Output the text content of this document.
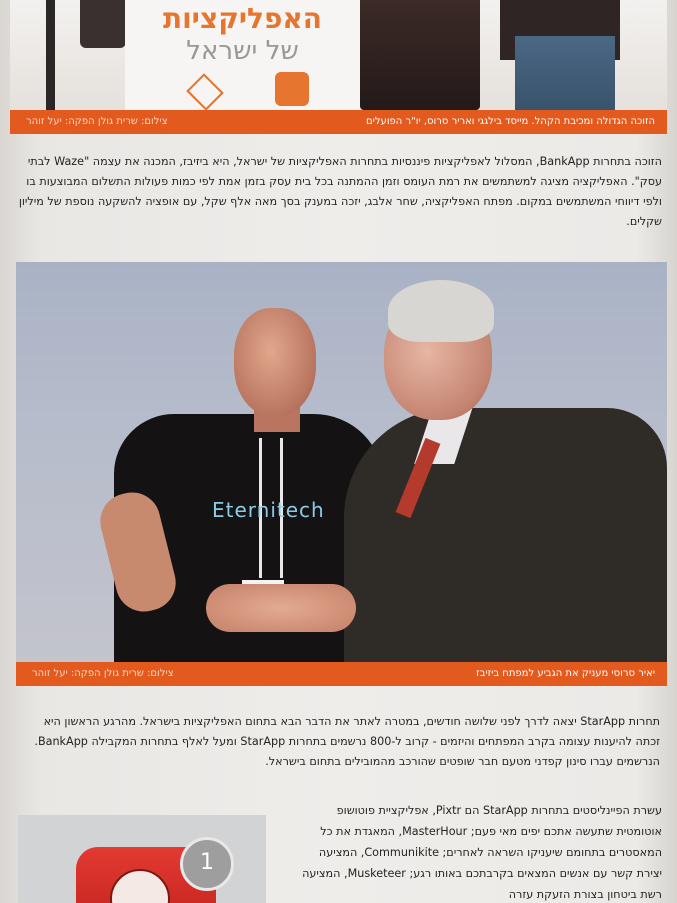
האפליקציות
של ישראל
הזוכה הגדולה ומכיבת הקהל. מייסד בילגגי ואריר סרוס, יו"ר הפועלים
צילום: שרית גולן הפקה: יעל זוהר
הזוכה בתחרות BankApp, המסלול לאפליקציות פיננסיות בתחרות האפליקציות של ישראל, היא ביזיבז, המכנה את עצמה "Waze לבתי עסק". האפליקציה מציגה למשתמשים את רמת העומס וזמן ההמתנה בכל בית עסק בזמן אמת לפי כמות פעולות התשלום המבוצעות בו ולפי דיווחי המשתמשים במקום. מפתח האפליקציה, שחר אלבג, יזכה במענק בסך מאה אלף שקל, עם אופציה להשקעה נוספת של מיליון שקלים.
Eternitech
יאיר סרוסי מעניק את הגביע למפתח ביזיבז
צילום: שרית גולן הפקה: יעל זוהר
תחרות StarApp יצאה לדרך לפני שלושה חודשים, במטרה לאתר את הדבר הבא בתחום האפליקציות בישראל. מהרגע הראשון היא זכתה להיענות עצומה בקרב המפתחים והיזמים - קרוב ל-800 נרשמים בתחרות StarApp ומעל לאלף בתחרות המקבילה BankApp. הנרשמים עברו סינון קפדני מטעם חבר שופטים שהורכב מהמובילים בתחום בישראל.
1
עשרת הפיינליסטים בתחרות StarApp הם Pixtr, אפליקציית פוטושופ אוטומטית שתעשה אתכם יפים מאי פעם; MasterHour, המאגדת את כל המאסטרים בתחומם שיעניקו השראה לאחרים; Communikite, המציעה יצירת קשר עם אנשים המצאים בקרבתכם באותו רגע; Musketeer, המציעה רשת ביטחון בצורת הזעקת עזרה
